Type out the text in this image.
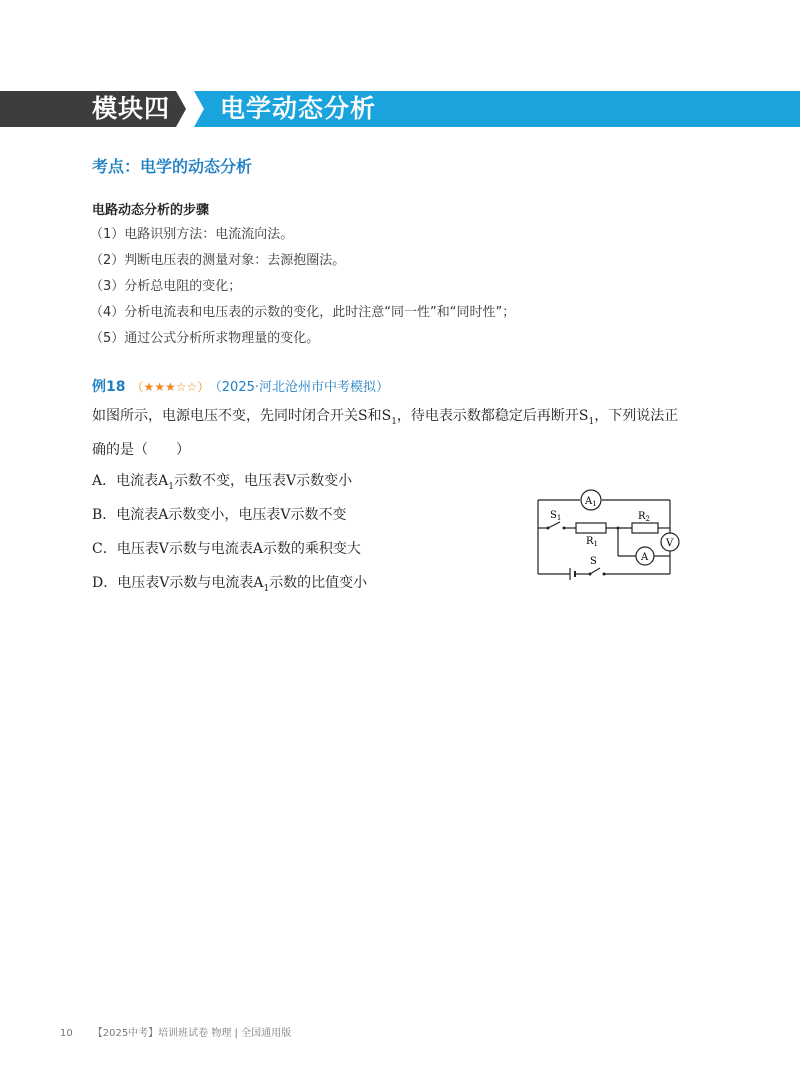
模块四 电学动态分析
考点：电学的动态分析
电路动态分析的步骤
（1）电路识别方法：电流流向法。
（2）判断电压表的测量对象：去源抱圈法。
（3）分析总电阻的变化；
（4）分析电流表和电压表的示数的变化，此时注意“同一性”和“同时性”；
（5）通过公式分析所求物理量的变化。
例18 （★★★☆☆） （2025·河北沧州市中考模拟）
如图所示，电源电压不变，先同时闭合开关S和$S_1$，待电表示数都稳定后再断开$S_1$，下列说法正确的是（　　）
A．电流表$A_1$示数不变，电压表V示数变小
B．电流表A示数变小，电压表V示数不变
C．电压表V示数与电流表A示数的乘积变大
D．电压表V示数与电流表$A_1$示数的比值变小
$A_1$
$S_1$
$R_1$
$R_2$
V
A
S
10 【2025中考】培训班试卷 物理 | 全国通用版
